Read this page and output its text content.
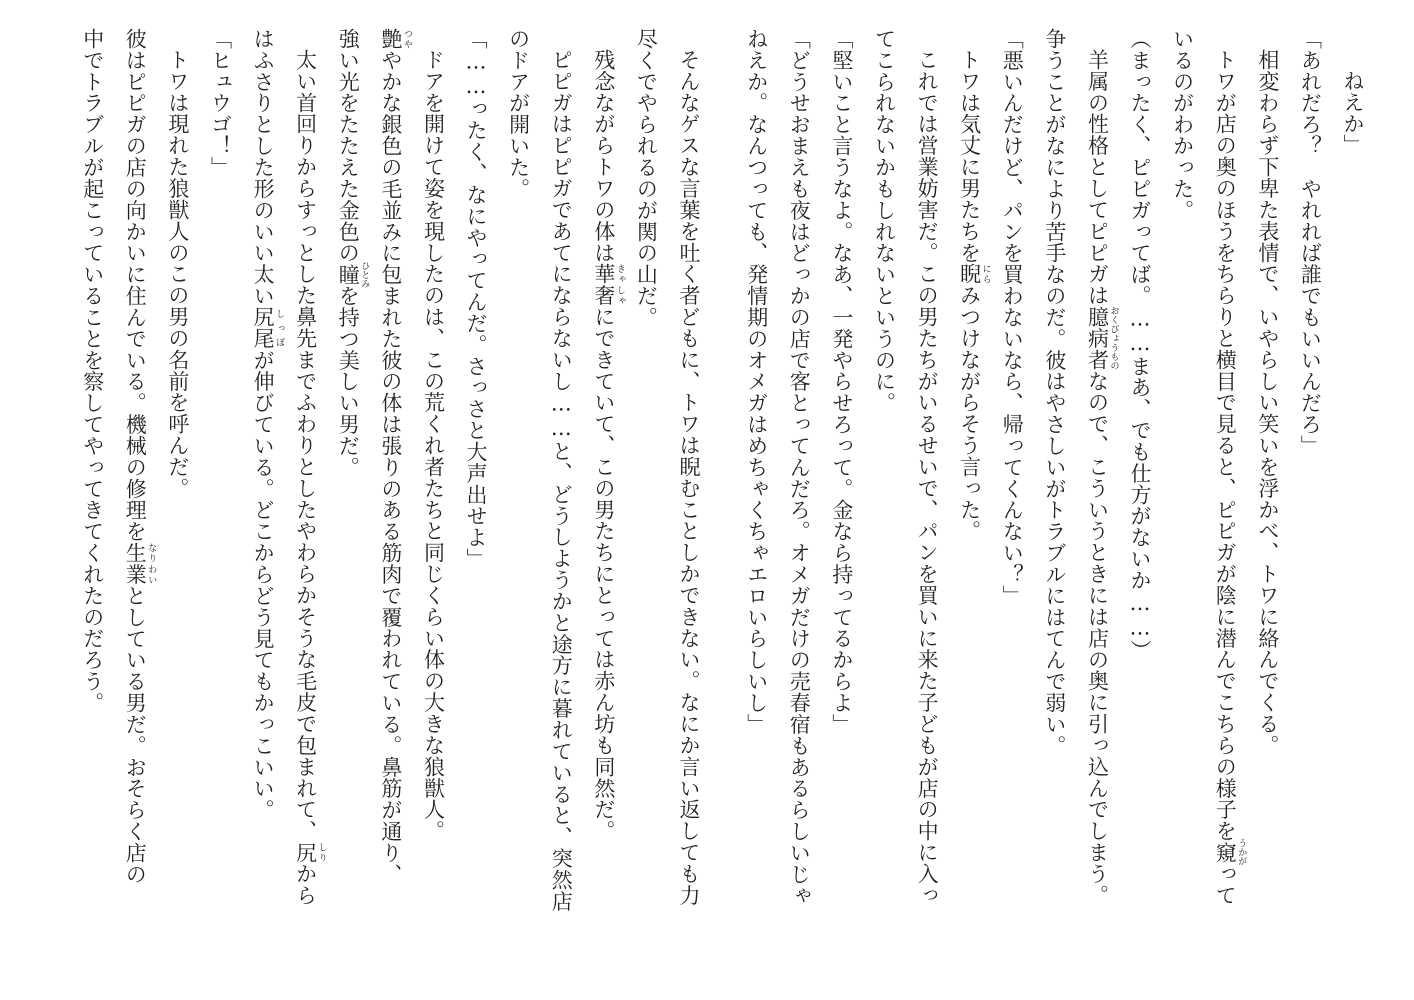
ねえか」
「あれだろ？　やれれば誰でもいいんだろ」
相変わらず下卑た表情で、いやらしい笑いを浮かべ、トワに絡んでくる。
トワが店の奥のほうをちらりと横目で見ると、ピピガが陰に潜んでこちらの様子を窺 うかがって
いるのがわかった。
（まったく、ピピガってば。……まあ、でも仕方がないか……）
羊属の性格としてピピガは臆病者 おくびょうものなので、こういうときには店の奥に引っ込んでしまう。
争うことがなにより苦手なのだ。彼はやさしいがトラブルにはてんで弱い。
「悪いんだけど、パンを買わないなら、帰ってくんない？」
トワは気丈に男たちを睨 にらみつけながらそう言った。
これでは営業妨害だ。この男たちがいるせいで、パンを買いに来た子どもが店の中に入っ
てこられないかもしれないというのに。
「堅いこと言うなよ。なあ、一発やらせろって。金なら持ってるからよ」
「どうせおまえも夜はどっかの店で客とってんだろ。オメガだけの売春宿もあるらしいじゃ
ねえか。なんつっても、発情期のオメガはめちゃくちゃエロいらしいし」
そんなゲスな言葉を吐く者どもに、トワは睨むことしかできない。なにか言い返しても力
尽くでやられるのが関の山だ。
残念ながらトワの体は華奢 きゃしゃにできていて、この男たちにとっては赤ん坊も同然だ。
ピピガはピピガであてにならないし……と、どうしようかと途方に暮れていると、突然店
のドアが開いた。
「……ったく、なにやってんだ。さっさと大声出せよ」
ドアを開けて姿を現したのは、この荒くれ者たちと同じくらい体の大きな狼獣人。
艶 つややかな銀色の毛並みに包まれた彼の体は張りのある筋肉で覆われている。鼻筋が通り、
強い光をたたえた金色の瞳 ひとみを持つ美しい男だ。
太い首回りからすっとした鼻先までふわりとしたやわらかそうな毛皮で包まれて、尻 しりから
はふさりとした形のいい太い尻尾 しっぽが伸びている。どこからどう見てもかっこいい。
「ヒュウゴ！」
トワは現れた狼獣人のこの男の名前を呼んだ。
彼はピピガの店の向かいに住んでいる。機械の修理を生業 なりわいとしている男だ。おそらく店の
中でトラブルが起こっていることを察してやってきてくれたのだろう。
